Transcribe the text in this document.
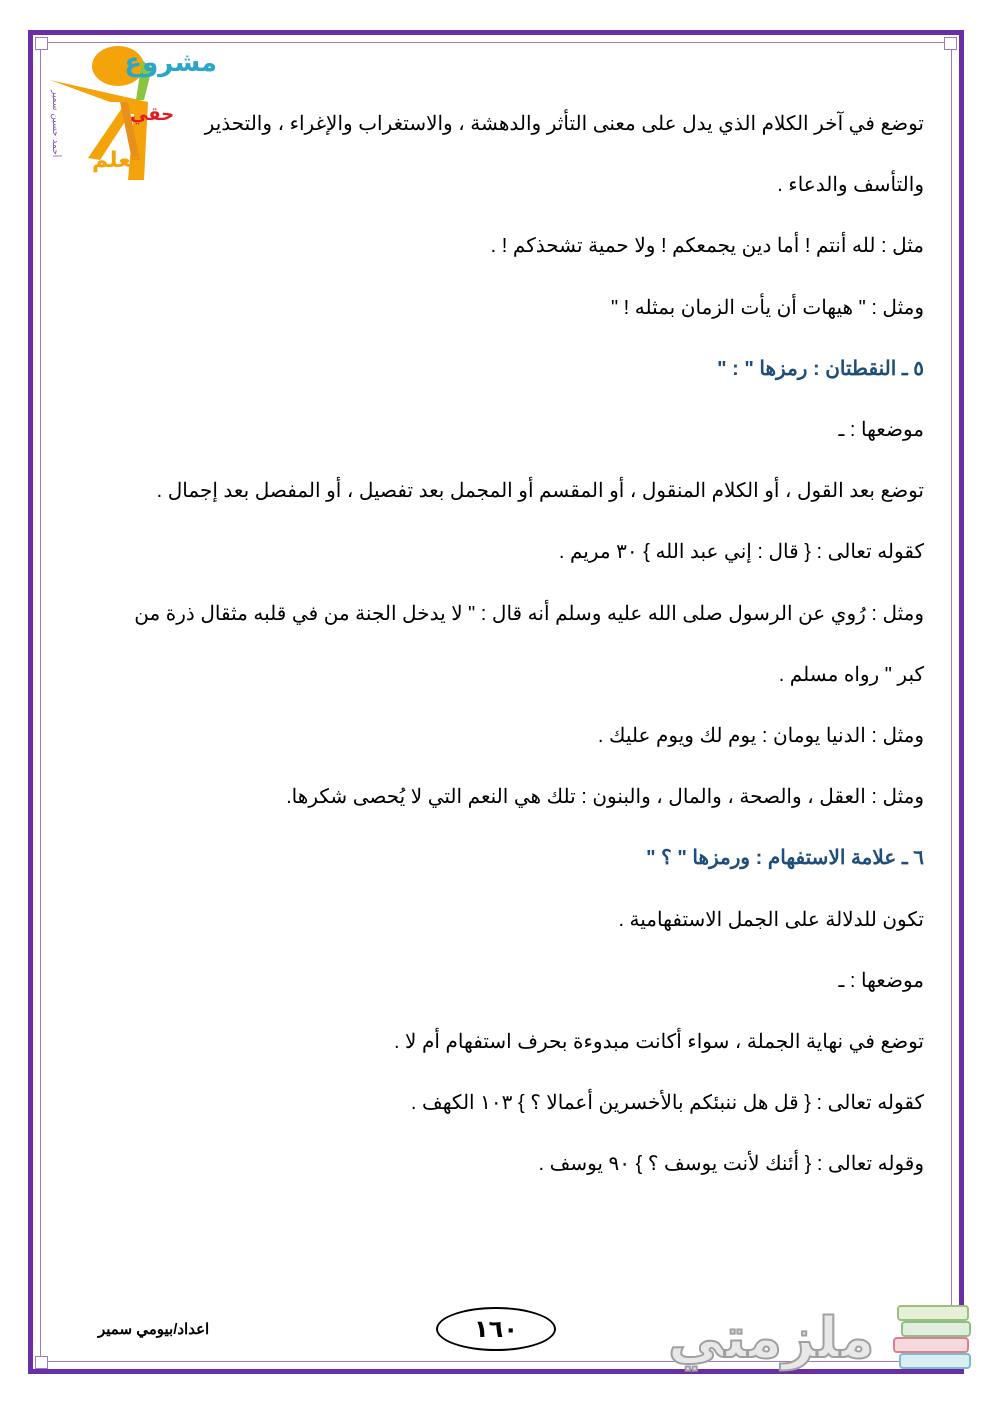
مشروع
حقي
أتعلم
أحمد حسين سمير	توضع في آخر الكلام الذي يدل على معنى التأثر والدهشة ، والاستغراب والإغراء ، والتحذير

والتأسف والدعاء .

مثل : لله أنتم ! أما دين يجمعكم ! ولا حمية تشحذكم ! .

ومثل : " هيهات أن يأت الزمان بمثله ! "

٥ ـ النقطتان : رمزها " : "

موضعها : ـ

توضع بعد القول ، أو الكلام المنقول ، أو المقسم أو المجمل بعد تفصيل ، أو المفصل بعد إجمال .

كقوله تعالى : { قال : إني عبد الله } ٣٠ مريم .

ومثل : رُوي عن الرسول صلى الله عليه وسلم أنه قال : " لا يدخل الجنة من في قلبه مثقال ذرة من

كبر " رواه مسلم .

ومثل : الدنيا يومان : يوم لك ويوم عليك .

ومثل : العقل ، والصحة ، والمال ، والبنون : تلك هي النعم التي لا يُحصى شكرها.

٦ ـ علامة الاستفهام : ورمزها " ؟ "

تكون للدلالة على الجمل الاستفهامية .

موضعها : ـ

توضع في نهاية الجملة ، سواء أكانت مبدوءة بحرف استفهام أم لا .

كقوله تعالى : { قل هل ننبئكم بالأخسرين أعمالا ؟ } ١٠٣ الكهف .

وقوله تعالى : { أئنك لأنت يوسف ؟ } ٩٠ يوسف .

اعداد/بيومي سمير	١٦٠	ملزمتي
